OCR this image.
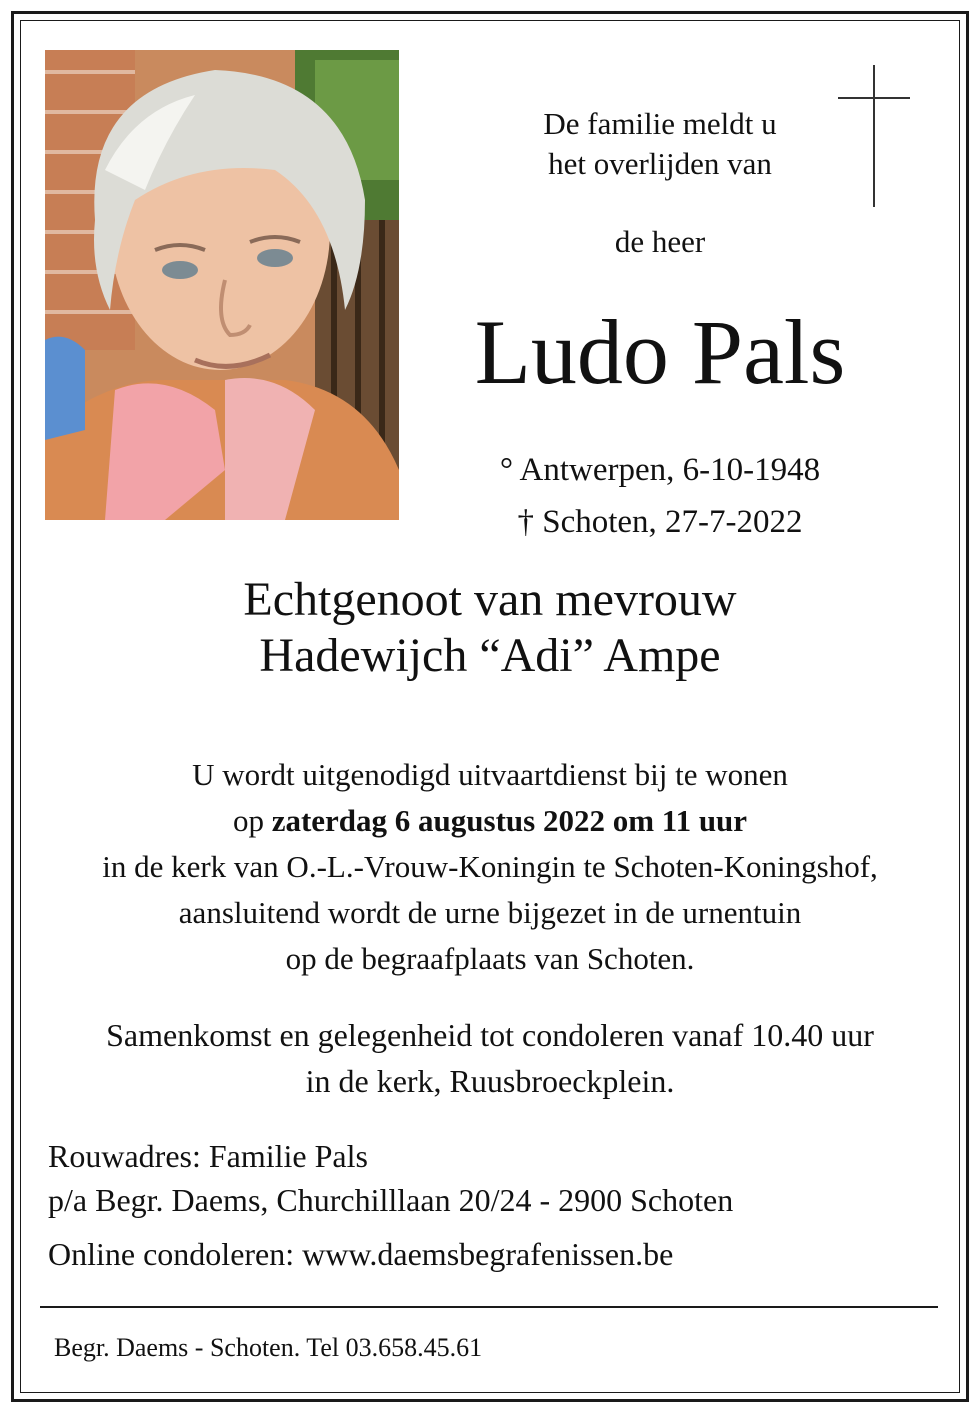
De familie meldt u
het overlijden van
de heer
Ludo Pals
° Antwerpen, 6-10-1948
† Schoten, 27-7-2022
Echtgenoot van mevrouw
Hadewijch “Adi” Ampe
U wordt uitgenodigd uitvaartdienst bij te wonen
op zaterdag 6 augustus 2022 om 11 uur
in de kerk van O.-L.-Vrouw-Koningin te Schoten-Koningshof,
aansluitend wordt de urne bijgezet in de urnentuin
op de begraafplaats van Schoten.
Samenkomst en gelegenheid tot condoleren vanaf 10.40 uur
in de kerk, Ruusbroeckplein.
Rouwadres: Familie Pals
p/a Begr. Daems, Churchilllaan 20/24 - 2900 Schoten
Online condoleren: www.daemsbegrafenissen.be
Begr. Daems - Schoten. Tel 03.658.45.61
